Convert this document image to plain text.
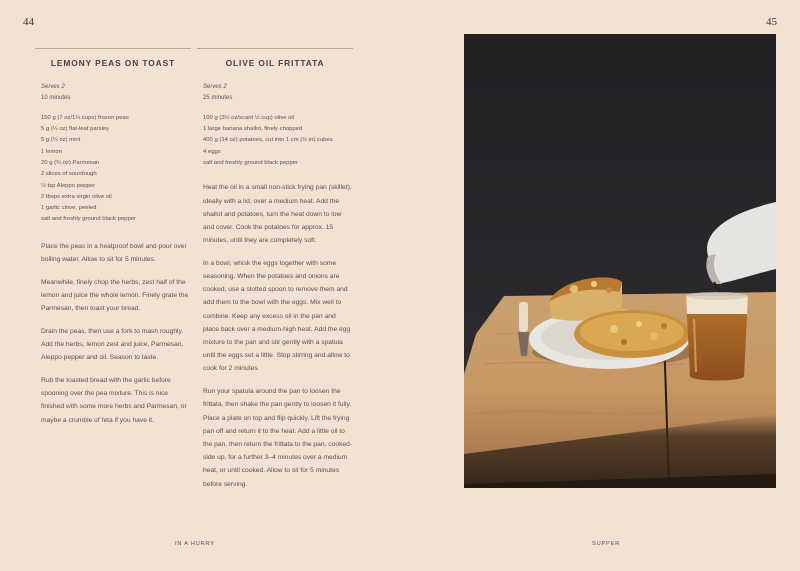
44	45
LEMONY PEAS ON TOAST
Serves 2
10 minutes
150 g (7 oz/1¼ cups) frozen peas
5 g (¼ oz) flat-leaf parsley
5 g (¼ oz) mint
1 lemon
20 g (¾ oz) Parmesan
2 slices of sourdough
½ tsp Aleppo pepper
2 tbsps extra virgin olive oil
1 garlic clove, peeled
salt and freshly ground black pepper

Place the peas in a heatproof bowl and pour over boiling water. Allow to sit for 5 minutes.

Meanwhile, finely chop the herbs, zest half of the lemon and juice the whole lemon. Finely grate the Parmesan, then toast your bread.

Drain the peas, then use a fork to mash roughly. Add the herbs, lemon zest and juice, Parmesan, Aleppo pepper and oil. Season to taste.

Rub the toasted bread with the garlic before spooning over the pea mixture. This is nice finished with some more herbs and Parmesan, or maybe a crumble of feta if you have it.

OLIVE OIL FRITTATA
Serves 2
25 minutes
100 g (3½ oz/scant ½ cup) olive oil
1 large banana shallot, finely chopped
400 g (14 oz) potatoes, cut into 1 cm (½ in) cubes
4 eggs
salt and freshly ground black pepper

Heat the oil in a small non-stick frying pan (skillet), ideally with a lid, over a medium heat. Add the shallot and potatoes, turn the heat down to low and cover. Cook the potatoes for approx. 15 minutes, until they are completely soft.

In a bowl, whisk the eggs together with some seasoning. When the potatoes and onions are cooked, use a slotted spoon to remove them and add them to the bowl with the eggs. Mix well to combine. Keep any excess oil in the pan and place back over a medium-high heat. Add the egg mixture to the pan and stir gently with a spatula until the eggs set a little. Stop stirring and allow to cook for 2 minutes.

Run your spatula around the pan to loosen the frittata, then shake the pan gently to loosen it fully. Place a plate on top and flip quickly. Lift the frying pan off and return it to the heat. Add a little oil to the pan, then return the frittata to the pan, cooked-side up, for a further 3–4 minutes over a medium heat, or until cooked. Allow to sit for 5 minutes before serving.

IN A HURRY	SUPPER
